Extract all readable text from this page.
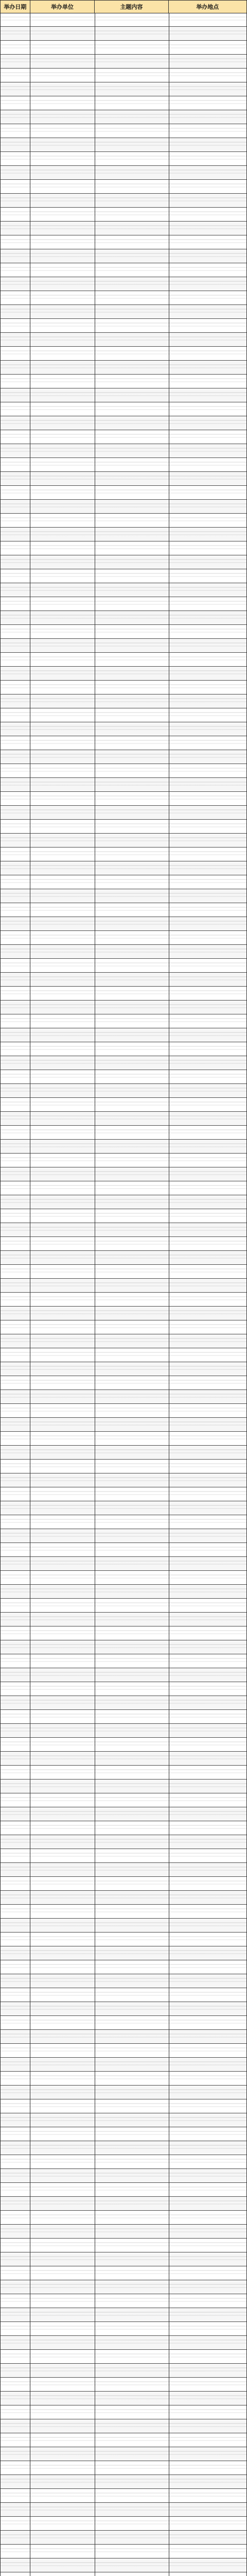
举办日期	举办单位	主题内容	举办地点
